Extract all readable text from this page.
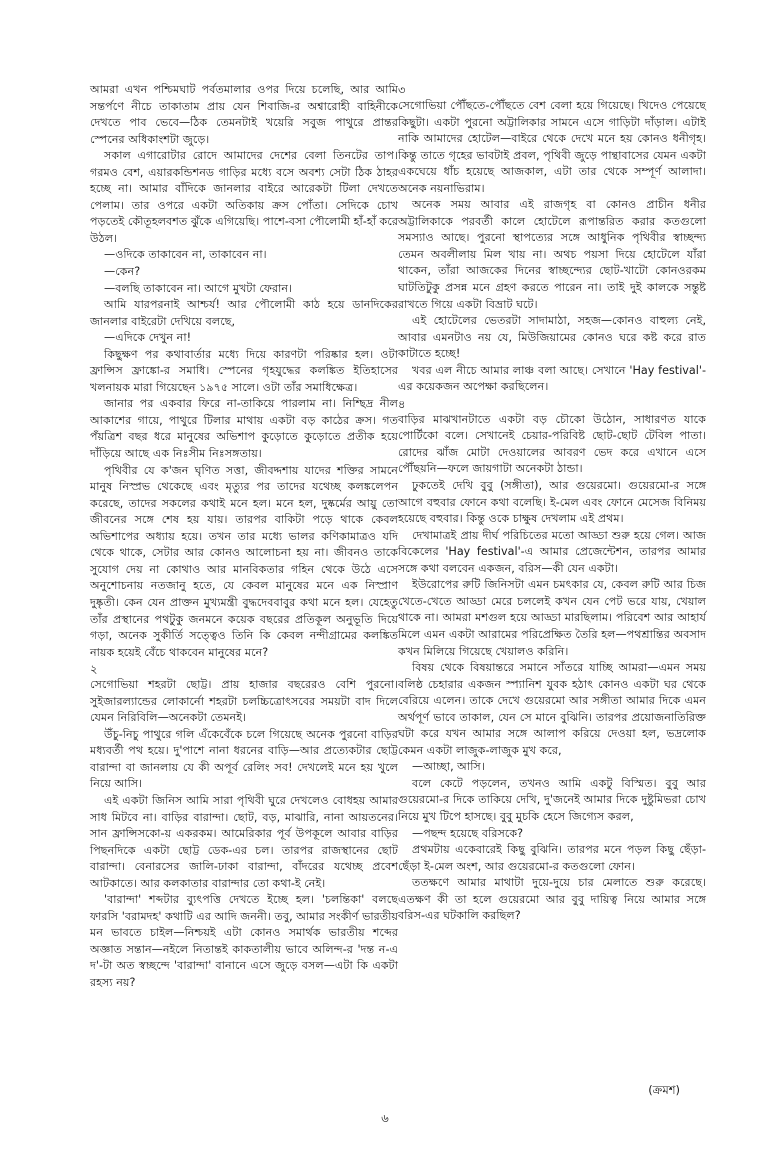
আমরা এখন পশ্চিমঘাট পর্বতমালার ওপর দিয়ে চলেছি, আর আমি সন্তর্পণে নীচে তাকাতাম প্রায় যেন শিবাজি-র অশ্বারোহী বাহিনীকে দেখতে পাব ভেবে—ঠিক তেমনটাই খয়েরি সবুজ পাথুরে প্রান্তর স্পেনের অধিকাংশটা জুড়ে।

সকাল এগারোটার রোদে আমাদের দেশের বেলা তিনটের তাপ। গরমও বেশ, এয়ারকন্ডিশনড গাড়ির মধ্যে বসে অবশ্য সেটা ঠিক ঠাহর হচ্ছে না। আমার বাঁদিকে জানলার বাইরে আরেকটা টিলা দেখতে পেলাম। তার ওপরে একটা অতিকায় ক্রস পোঁতা। সেদিকে চোখ পড়তেই কৌতূহলবশত ঝুঁকে এগিয়েছি। পাশে-বসা পৌলোমী হাঁ-হাঁ করে উঠল।

—ওদিকে তাকাবেন না, তাকাবেন না।

—কেন?

—বলছি তাকাবেন না। আগে মুখটা ফেরান।

আমি যারপরনাই আশ্চর্য! আর পৌলোমী কাঠ হয়ে ডানদিকের জানলার বাইরেটা দেখিয়ে বলছে,

—এদিকে দেখুন না!

কিছুক্ষণ পর কথাবার্তার মধ্যে দিয়ে কারণটা পরিষ্কার হল। ওটা ফ্রান্সিস ফ্রাঙ্কো-র সমাধি। স্পেনের গৃহযুদ্ধের কলঙ্কিত ইতিহাসের খলনায়ক মারা গিয়েছেন ১৯৭৫ সালে। ওটা তাঁর সমাধিক্ষেত্র।

জানার পর একবার ফিরে না-তাকিয়ে পারলাম না। নিশ্ছিদ্র নীল আকাশের গায়ে, পাথুরে টিলার মাথায় একটা বড় কাঠের ক্রস। গত পঁয়ত্রিশ বছর ধরে মানুষের অভিশাপ কুড়োতে কুড়োতে প্রতীক হয়ে দাঁড়িয়ে আছে এক নিঃসীম নিঃসঙ্গতায়।

পৃথিবীর যে ক'জন ঘৃণিত সত্তা, জীবদ্দশায় যাদের শক্তির সামনে মানুষ নিস্প্রভ থেকেছে এবং মৃত্যুর পর তাদের যথেচ্ছ কলঙ্কলেপন করেছে, তাদের সকলের কথাই মনে হল। মনে হল, দুষ্কর্মের আয়ু তো জীবনের সঙ্গে শেষ হয় যায়। তারপর বাকিটা পড়ে থাকে কেবল অভিশাপের অধ্যায় হয়ে। তখন তার মধ্যে ভালর কণিকামাত্রও যদি থেকে থাকে, সেটার আর কোনও আলোচনা হয় না। জীবনও তাকে সুযোগ দেয় না কোথাও আর মানবিকতার গহিন থেকে উঠে এসে অনুশোচনায় নতজানু হতে, যে কেবল মানুষের মনে এক নিস্প্রাণ দুষ্কৃতী। কেন যেন প্রাক্তন মুখ্যমন্ত্রী বুদ্ধদেববাবুর কথা মনে হল। যেহেতু তাঁর প্রস্থানের পথটুকু জনমনে কয়েক বছরের প্রতিকূল অনুভূতি দিয়ে গড়া, অনেক সুকীর্তি সত্ত্বেও তিনি কি কেবল নন্দীগ্রামের কলঙ্কিত নায়ক হয়েই বেঁচে থাকবেন মানুষের মনে?

২

সেগোভিয়া শহরটা ছোট্ট। প্রায় হাজার বছরেরও বেশি পুরনো। সুইজারল্যান্ডের লোকার্নো শহরটা চলচ্চিত্রোৎসবের সময়টা বাদ দিলে যেমন নিরিবিলি—অনেকটা তেমনই।

উঁচু-নিচু পাথুরে গলি এঁকেবেঁকে চলে গিয়েছে অনেক পুরনো বাড়ির মধ্যবর্তী পথ হয়ে। দু'পাশে নানা ধরনের বাড়ি—আর প্রত্যেকটার ছোট্ট বারান্দা বা জানলায় যে কী অপূর্ব রেলিং সব! দেখলেই মনে হয় খুলে নিয়ে আসি।

এই একটা জিনিস আমি সারা পৃথিবী ঘুরে দেখলেও বোধহয় আমার সাধ মিটবে না। বাড়ির বারান্দা। ছোট, বড়, মাঝারি, নানা আয়তনের। সান ফ্রান্সিসকো-য় একরকম। আমেরিকার পূর্ব উপকূলে আবার বাড়ির পিছনদিকে একটা ছোট্ট ডেক-এর চল। তারপর রাজস্থানের ছোট বারান্দা। বেনারসের জালি-ঢাকা বারান্দা, বাঁদরের যথেচ্ছ প্রবেশ আটকাতে। আর কলকাতার বারান্দার তো কথা-ই নেই।

'বারান্দা' শব্দটার ব্যুৎপত্তি দেখতে ইচ্ছে হল। 'চলন্তিকা' বলছে ফারসি 'বরামদহ' কথাটি এর আদি জননী। তবু, আমার সংকীর্ণ ভারতীয় মন ভাবতে চাইল—নিশ্চয়ই এটা কোনও সমার্থক ভারতীয় শব্দের অজ্ঞাত সন্তান—নইলে নিতান্তই কাকতালীয় ভাবে অলিন্দ-র 'দন্ত ন-এ দ'-টা অত স্বচ্ছন্দে 'বারান্দা' বানানে এসে জুড়ে বসল—এটা কি একটা রহস্য নয়?

৩

সেগোভিয়া পৌঁছতে-পৌঁছতে বেশ বেলা হয়ে গিয়েছে। খিদেও পেয়েছে কিছুটা। একটা পুরনো অট্টালিকার সামনে এসে গাড়িটা দাঁড়াল। এটাই নাকি আমাদের হোটেল—বাইরে থেকে দেখে মনে হয় কোনও ধনীগৃহ। কিন্তু তাতে গৃহের ভাবটাই প্রবল, পৃথিবী জুড়ে পান্থাবাসের যেমন একটা একঘেয়ে ধাঁচ হয়েছে আজকাল, এটা তার থেকে সম্পূর্ণ আলাদা। অনেক নয়নাভিরাম।

অনেক সময় আবার এই রাজগৃহ বা কোনও প্রাচীন ধনীর অট্টালিকাকে পরবর্তী কালে হোটেলে রূপান্তরিত করার কতগুলো সমস্যাও আছে। পুরনো স্থাপত্যের সঙ্গে আধুনিক পৃথিবীর স্বাচ্ছন্দ্য তেমন অবলীলায় মিল খায় না। অথচ পয়সা দিয়ে হোটেলে যাঁরা থাকেন, তাঁরা আজকের দিনের স্বাচ্ছন্দ্যের ছোট-খাটো কোনওরকম ঘাটতিটুকু প্রসন্ন মনে গ্রহণ করতে পারেন না। তাই দুই কালকে সন্তুষ্ট রাখতে গিয়ে একটা বিভ্রাট ঘটে।

এই হোটেলের ভেতরটা সাদামাঠা, সহজ—কোনও বাহুল্য নেই, আবার এমনটাও নয় যে, মিউজিয়ামের কোনও ঘরে কষ্ট করে রাত কাটাতে হচ্ছে!

খবর এল নীচে আমার লাঞ্চ বলা আছে। সেখানে 'Hay festival'-এর কয়েকজন অপেক্ষা করছিলেন।

৪

বাড়ির মাঝখানটাতে একটা বড় চৌকো উঠোন, সাধারণত যাকে পোর্টিকো বলে। সেখানেই চেয়ার-পরিবিষ্ট ছোট-ছোট টেবিল পাতা। রোদের ঝাঁজ মোটা দেওয়ালের আবরণ ভেদ করে এখানে এসে পৌঁছয়নি—ফলে জায়গাটা অনেকটা ঠান্ডা।

ঢুকতেই দেখি বুবু (সঙ্গীতা), আর গুয়েরমো। গুয়েরমো-র সঙ্গে আগে বহুবার ফোনে কথা বলেছি। ই-মেল এবং ফোনে মেসেজ বিনিময় হয়েছে বহুবার। কিন্তু ওকে চাক্ষুষ দেখলাম এই প্রথম।

দেখামাত্রই প্রায় দীর্ঘ পরিচিতের মতো আড্ডা শুরু হয়ে গেল। আজ বিকেলের 'Hay festival'-এ আমার প্রেজেন্টেশন, তারপর আমার সঙ্গে কথা বলবেন একজন, বরিস—কী যেন একটা।

ইউরোপের রুটি জিনিসটা এমন চমৎকার যে, কেবল রুটি আর চিজ খেতে-খেতে আড্ডা মেরে চললেই কখন যেন পেট ভরে যায়, খেয়াল থাকে না। আমরা মশগুল হয়ে আড্ডা মারছিলাম। পরিবেশ আর আহার্য মিলে এমন একটা আরামের পরিপ্রেক্ষিত তৈরি হল—পথশ্রান্তির অবসাদ কখন মিলিয়ে গিয়েছে খেয়ালও করিনি।

বিষয় থেকে বিষয়ান্তরে সমানে সাঁতরে যাচ্ছি আমরা—এমন সময় বলিষ্ঠ চেহারার একজন স্প্যানিশ যুবক হঠাৎ কোনও একটা ঘর থেকে বেরিয়ে এলেন। তাকে দেখে গুয়েরমো আর সঙ্গীতা আমার দিকে এমন অর্থপূর্ণ ভাবে তাকাল, যেন সে মানে বুঝিনি। তারপর প্রয়োজনাতিরিক্ত ঘটা করে যখন আমার সঙ্গে আলাপ করিয়ে দেওয়া হল, ভদ্রলোক কেমন একটা লাজুক-লাজুক মুখ করে,

—আচ্ছা, আসি।

বলে কেটে পড়লেন, তখনও আমি একটু বিস্মিত। বুবু আর গুয়েরমো-র দিকে তাকিয়ে দেখি, দু'জনেই আমার দিকে দুষ্টুমিভরা চোখ নিয়ে মুখ টিপে হাসছে। বুবু মুচকি হেসে জিগ্যেস করল,

—পছন্দ হয়েছে বরিসকে?

প্রথমটায় একেবারেই কিছু বুঝিনি। তারপর মনে পড়ল কিছু ছেঁড়া-ছেঁড়া ই-মেল অংশ, আর গুয়েরমো-র কতগুলো ফোন।

ততক্ষণে আমার মাথাটা দুয়ে-দুয়ে চার মেলাতে শুরু করেছে। এতক্ষণ কী তা হলে গুয়েরমো আর বুবু দায়িত্ব নিয়ে আমার সঙ্গে বরিস-এর ঘটকালি করছিল?

(ক্রমশ)
৬
